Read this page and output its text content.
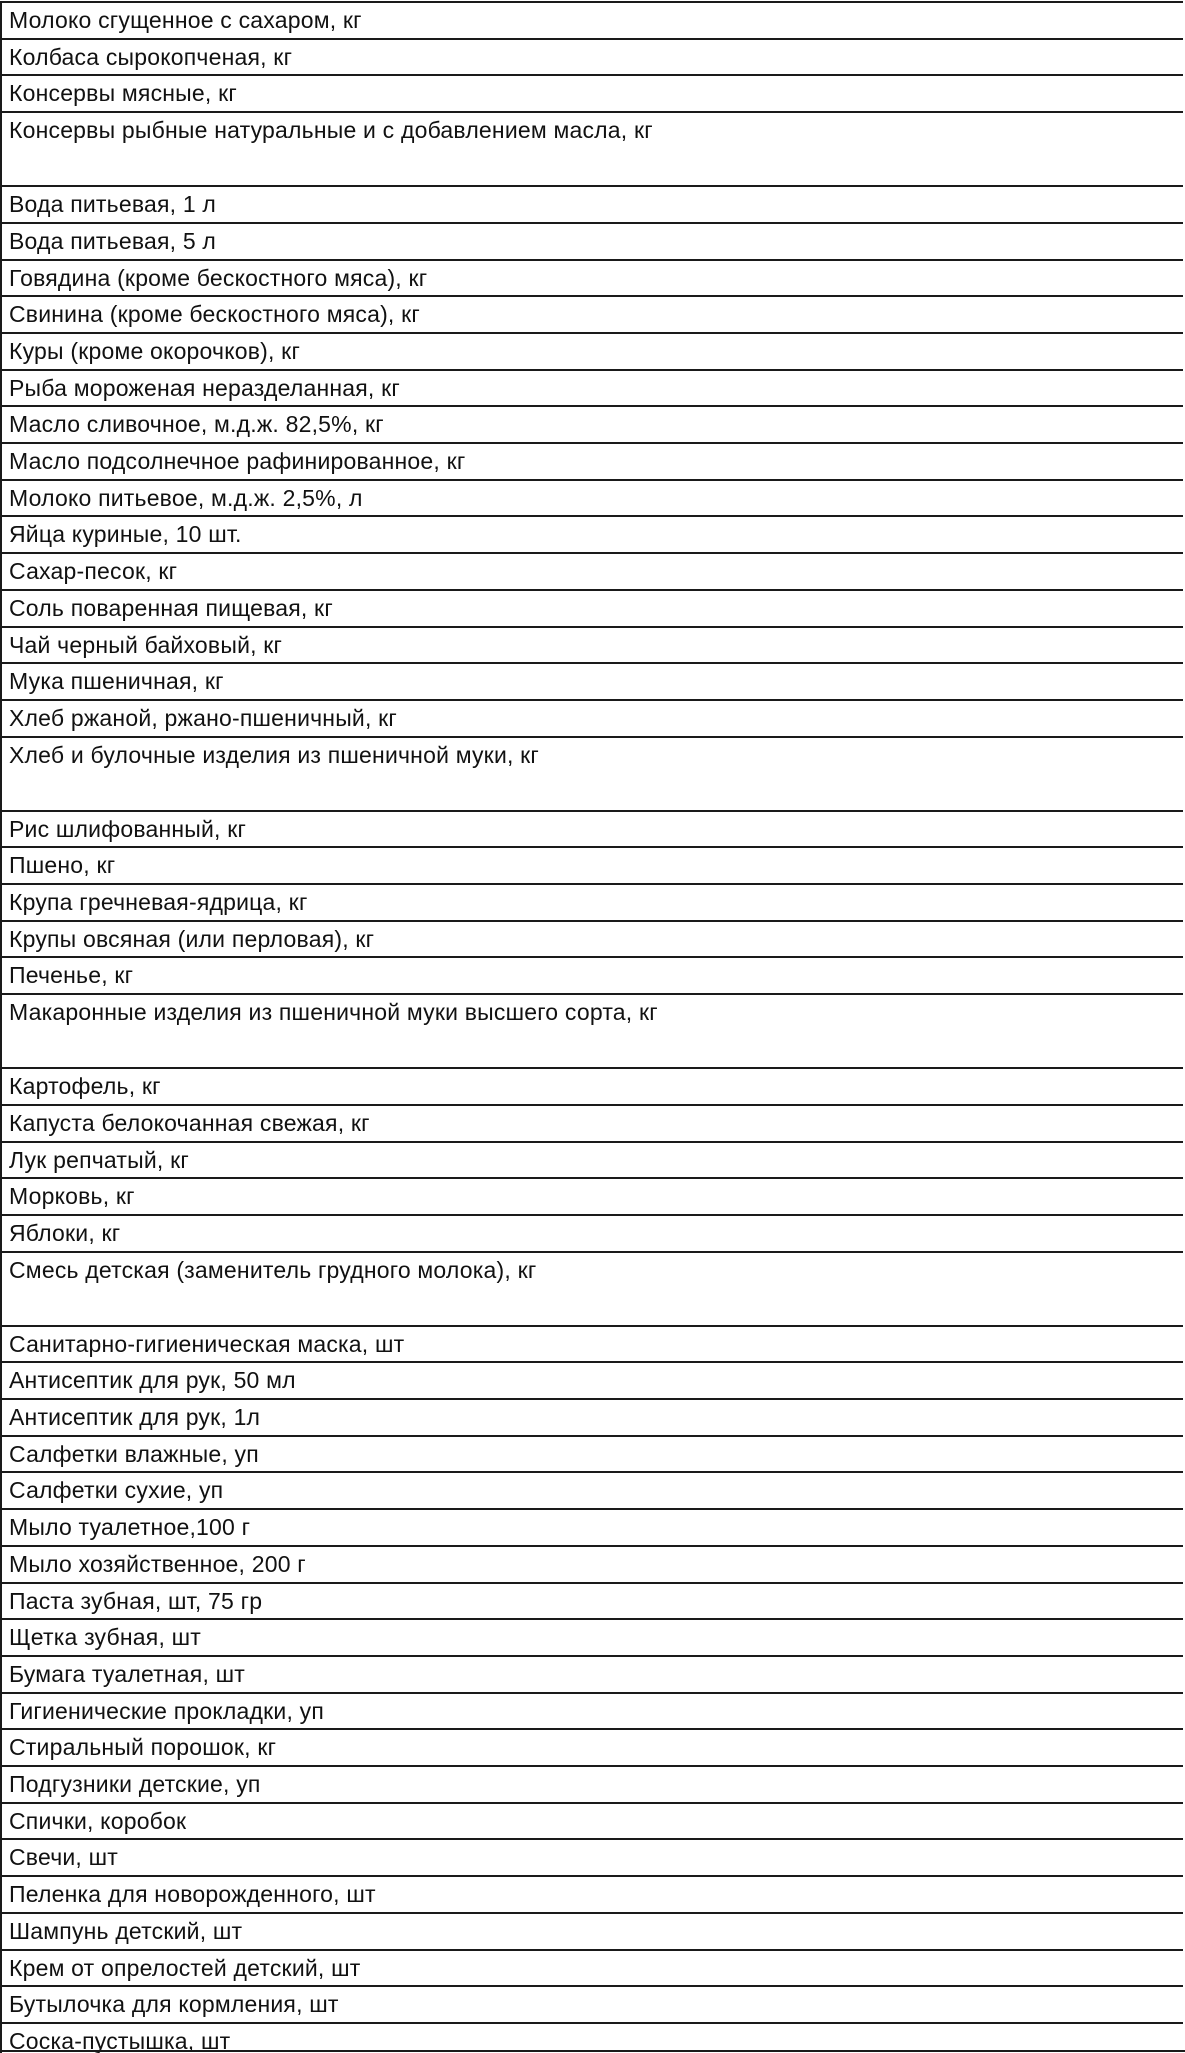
Молоко сгущенное с сахаром, кг
Колбаса сырокопченая, кг
Консервы мясные, кг
Консервы рыбные натуральные и с добавлением масла, кг
Вода питьевая, 1 л
Вода питьевая, 5 л
Говядина (кроме бескостного мяса), кг
Свинина (кроме бескостного мяса), кг
Куры (кроме окорочков), кг
Рыба мороженая неразделанная, кг
Масло сливочное, м.д.ж. 82,5%, кг
Масло подсолнечное рафинированное, кг
Молоко питьевое, м.д.ж. 2,5%, л
Яйца куриные, 10 шт.
Сахар-песок, кг
Соль поваренная пищевая, кг
Чай черный байховый, кг
Мука пшеничная, кг
Хлеб ржаной, ржано-пшеничный, кг
Хлеб и булочные изделия из пшеничной муки, кг
Рис шлифованный, кг
Пшено, кг
Крупа гречневая-ядрица, кг
Крупы овсяная (или перловая), кг
Печенье, кг
Макаронные изделия из пшеничной муки высшего сорта, кг
Картофель, кг
Капуста белокочанная свежая, кг
Лук репчатый, кг
Морковь, кг
Яблоки, кг
Смесь детская (заменитель грудного молока), кг
Санитарно-гигиеническая маска, шт
Антисептик для рук, 50 мл
Антисептик для рук, 1л
Салфетки влажные, уп
Салфетки сухие, уп
Мыло туалетное,100 г
Мыло хозяйственное, 200 г
Паста зубная, шт, 75 гр
Щетка зубная, шт
Бумага туалетная, шт
Гигиенические прокладки, уп
Стиральный порошок, кг
Подгузники детские, уп
Спички, коробок
Свечи, шт
Пеленка для новорожденного, шт
Шампунь детский, шт
Крем от опрелостей детский, шт
Бутылочка для кормления, шт
Соска-пустышка, шт
